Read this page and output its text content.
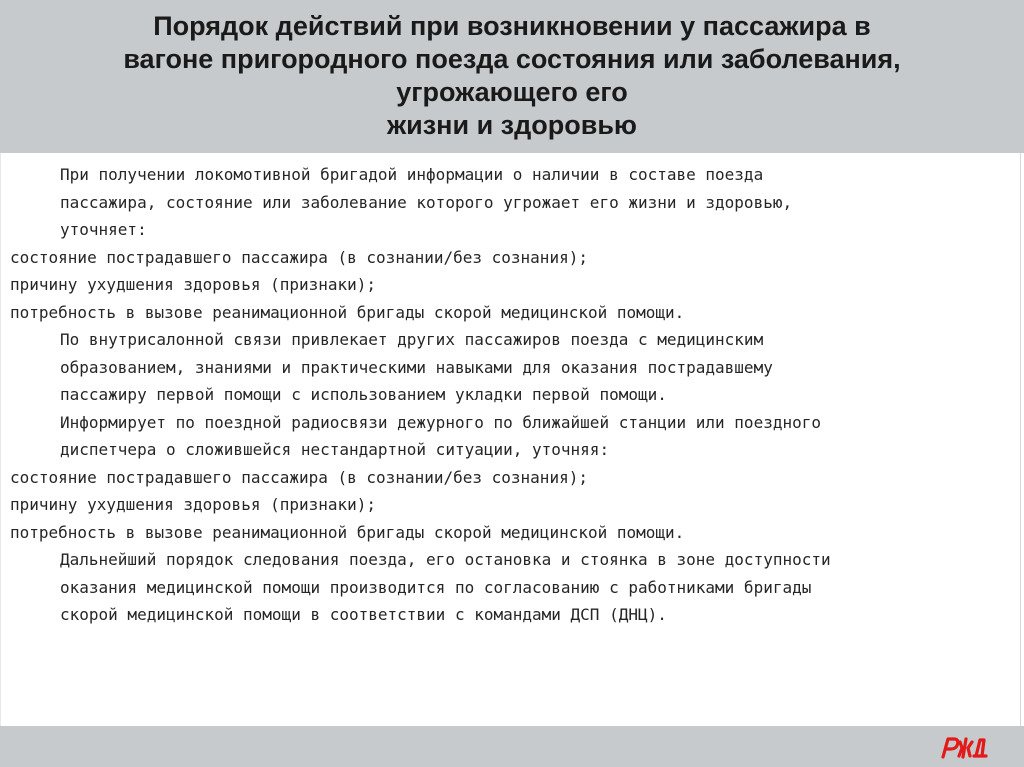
Порядок действий при возникновении у пассажира в
вагоне пригородного поезда состояния или заболевания,
угрожающего его
жизни и здоровью

При получении локомотивной бригадой информации о наличии в составе поезда
пассажира, состояние или заболевание которого угрожает его жизни и здоровью,
уточняет:

состояние пострадавшего пассажира (в сознании/без сознания);

причину ухудшения здоровья (признаки);

потребность в вызове реанимационной бригады скорой медицинской помощи.

По внутрисалонной связи привлекает других пассажиров поезда с медицинским
образованием, знаниями и практическими навыками для оказания пострадавшему
пассажиру первой помощи с использованием укладки первой помощи.

Информирует по поездной радиосвязи дежурного по ближайшей станции или поездного
диспетчера о сложившейся нестандартной ситуации, уточняя:

состояние пострадавшего пассажира (в сознании/без сознания);

причину ухудшения здоровья (признаки);

потребность в вызове реанимационной бригады скорой медицинской помощи.

Дальнейший порядок следования поезда, его остановка и стоянка в зоне доступности
оказания медицинской помощи производится по согласованию с работниками бригады
скорой медицинской помощи в соответствии с командами ДСП (ДНЦ).
